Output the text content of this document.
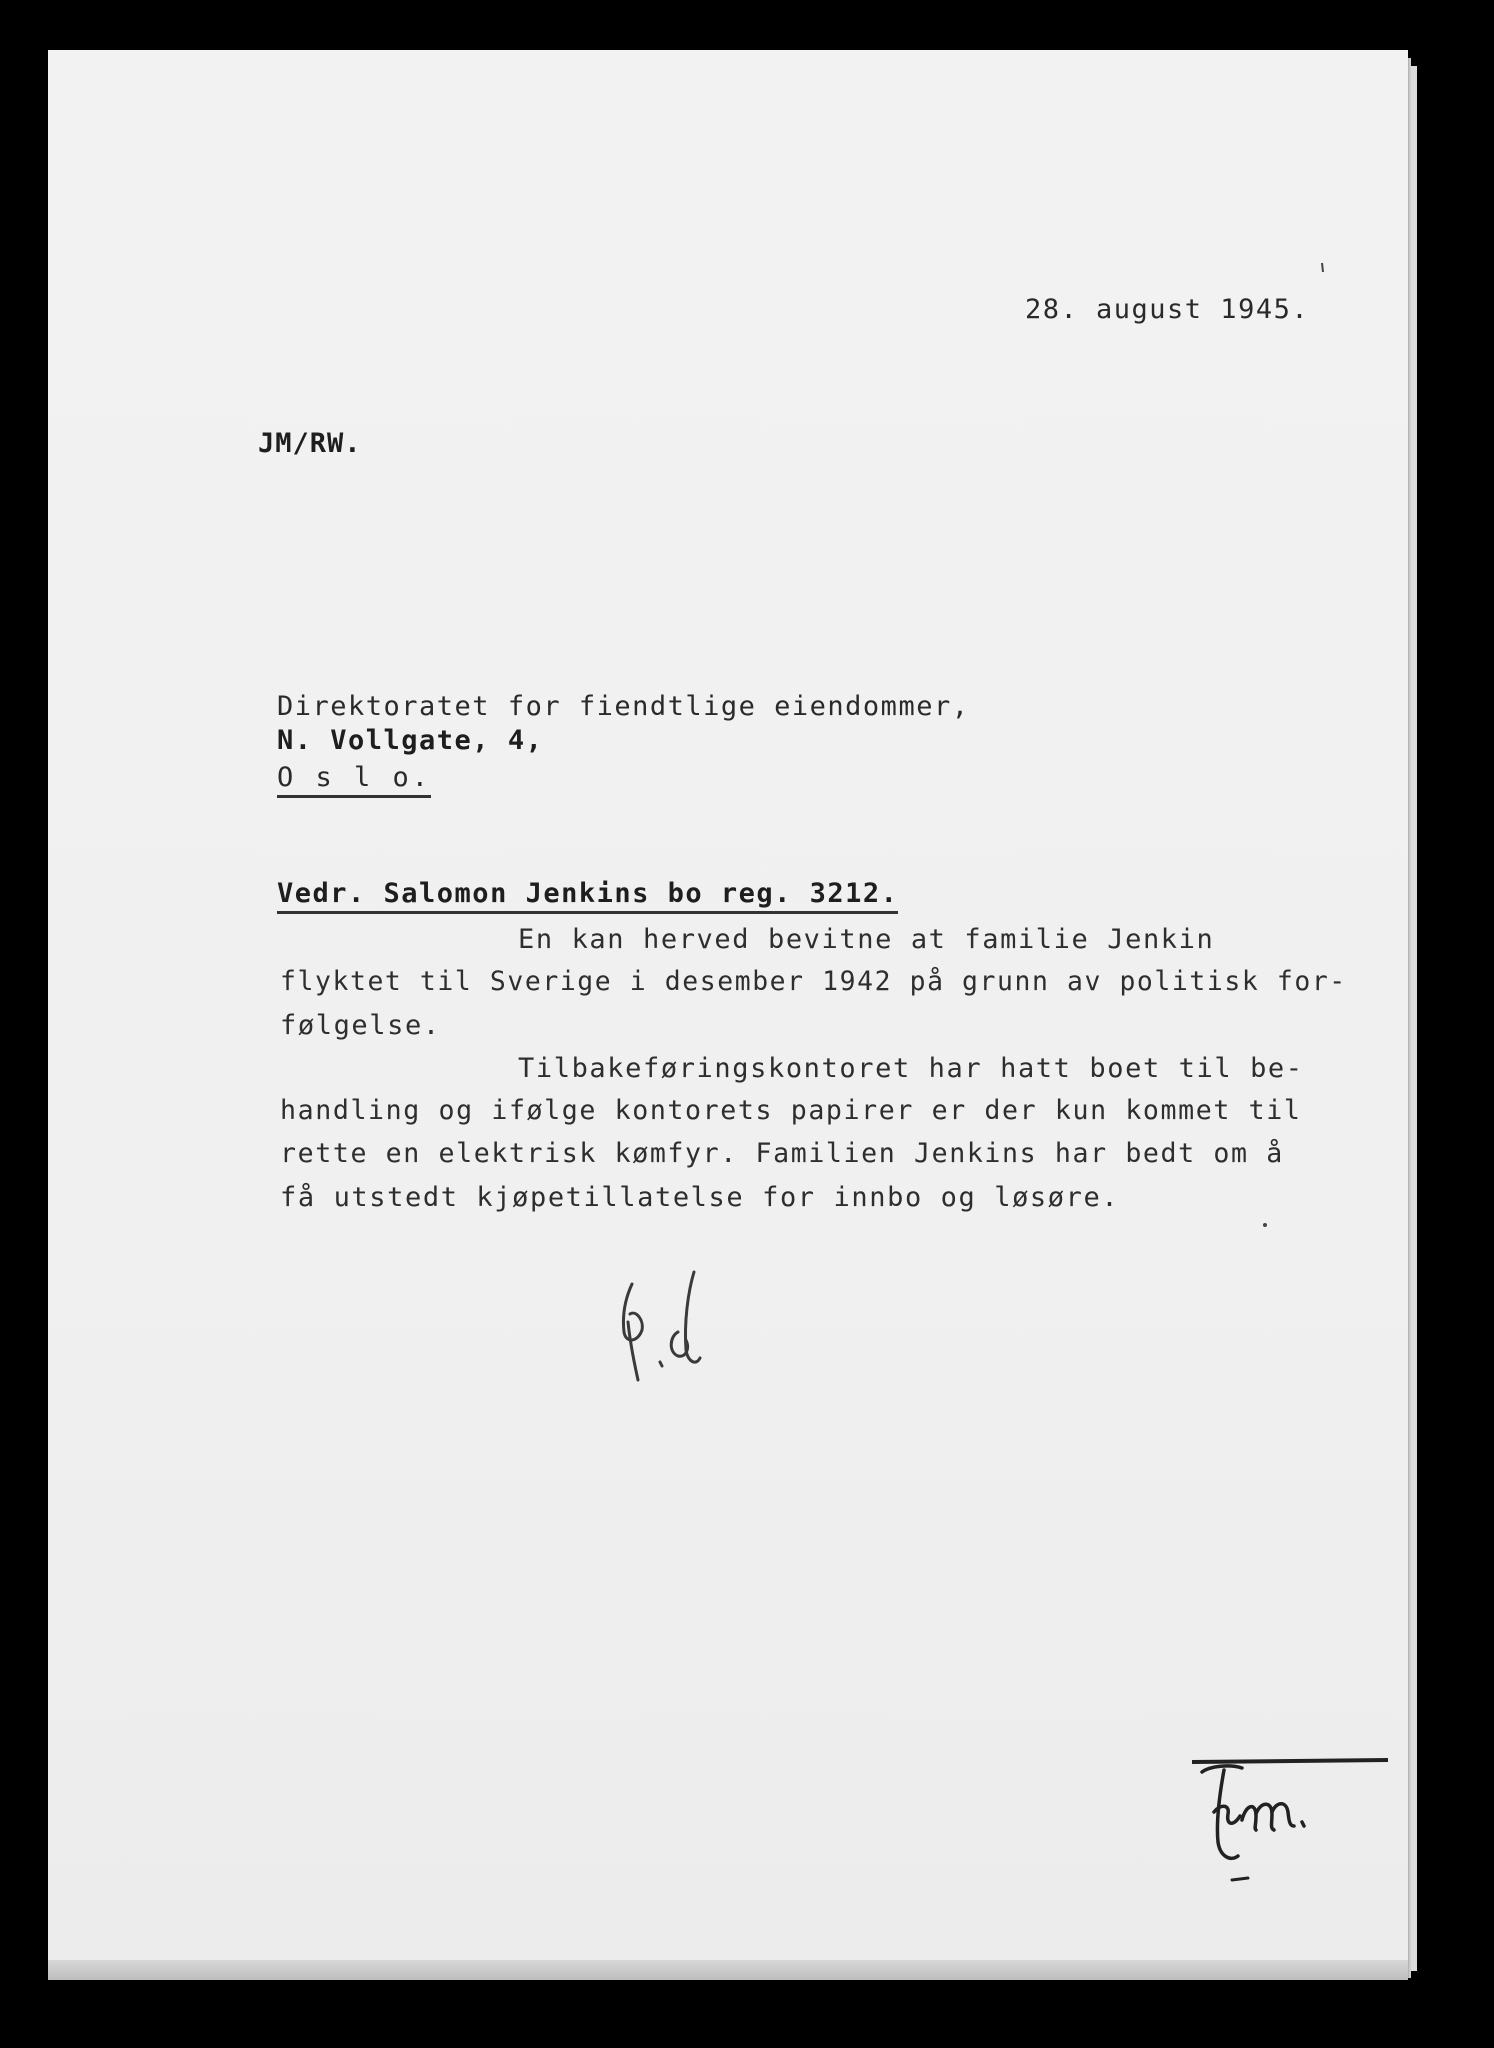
28. august 1945.
JM/RW.
Direktoratet for fiendtlige eiendommer,
N. Vollgate, 4,
O s l o.
Vedr. Salomon Jenkins bo reg. 3212.
En kan herved bevitne at familie Jenkin
flyktet til Sverige i desember 1942 på grunn av politisk for-
følgelse.
Tilbakeføringskontoret har hatt boet til be-
handling og ifølge kontorets papirer er der kun kommet til
rette en elektrisk kømfyr. Familien Jenkins har bedt om å
få utstedt kjøpetillatelse for innbo og løsøre.
